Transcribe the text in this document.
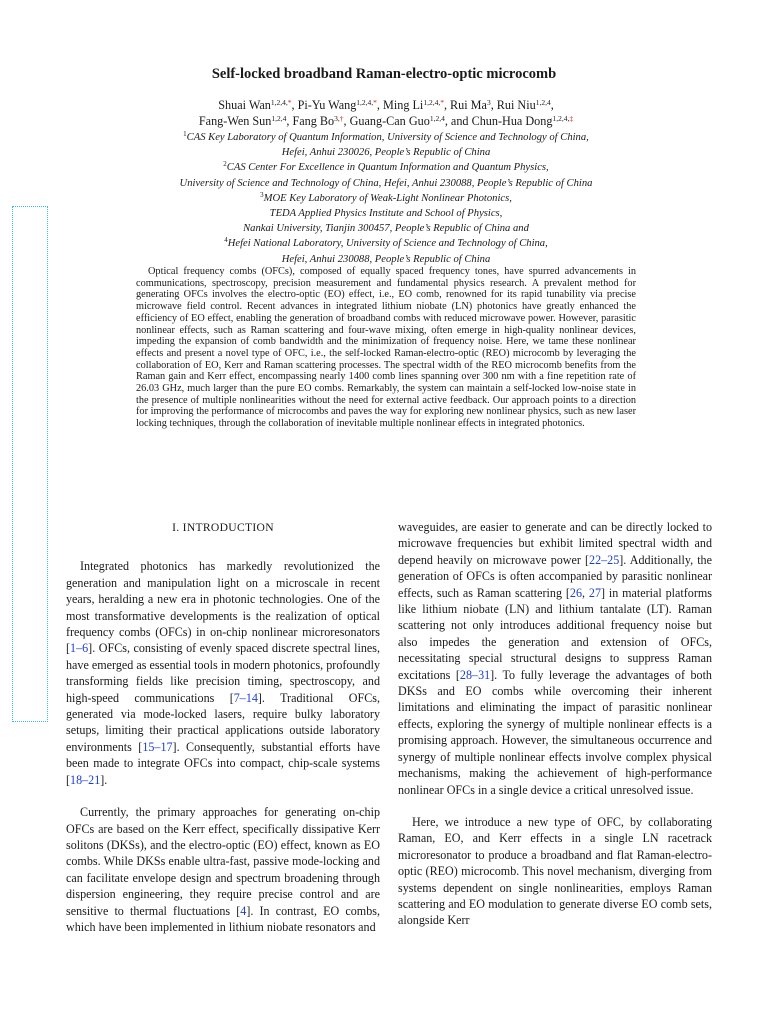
Self-locked broadband Raman-electro-optic microcomb
Shuai Wan$^{1,2,4,*}$, Pi-Yu Wang$^{1,2,4,*}$, Ming $Li^{1,2,4,*}$, Rui Ma$^3$, Rui Niu$^{1,2,4}$,
Fang-Wen Sun$^{1,2,4}$, Fang $Bo^{3,\dagger}$, Guang-Can Guo$^{1,2,4}$, and Chun-Hua Dong$^{1,2,4,\ddagger}$
$^1$CAS Key Laboratory of Quantum Information, University of Science and Technology of China,
Hefei, Anhui 230026, People’s Republic of China
$^2$CAS Center For Excellence in Quantum Information and Quantum Physics,
University of Science and Technology of China, Hefei, Anhui 230088, People’s Republic of China
$^3$MOE Key Laboratory of Weak-Light Nonlinear Photonics,
TEDA Applied Physics Institute and School of Physics,
Nankai University, Tianjin 300457, People’s Republic of China and
$^4$Hefei National Laboratory, University of Science and Technology of China,
Hefei, Anhui 230088, People’s Republic of China
Optical frequency combs (OFCs), composed of equally spaced frequency tones, have spurred advancements in communications, spectroscopy, precision measurement and fundamental physics research. A prevalent method for generating OFCs involves the electro-optic (EO) effect, i.e., EO comb, renowned for its rapid tunability via precise microwave field control. Recent advances in integrated lithium niobate (LN) photonics have greatly enhanced the efficiency of EO effect, enabling the generation of broadband combs with reduced microwave power. However, parasitic nonlinear effects, such as Raman scattering and four-wave mixing, often emerge in high-quality nonlinear devices, impeding the expansion of comb bandwidth and the minimization of frequency noise. Here, we tame these nonlinear effects and present a novel type of OFC, i.e., the self-locked Raman-electro-optic (REO) microcomb by leveraging the collaboration of EO, Kerr and Raman scattering processes. The spectral width of the REO microcomb benefits from the Raman gain and Kerr effect, encompassing nearly 1400 comb lines spanning over 300 nm with a fine repetition rate of 26.03 GHz, much larger than the pure EO combs. Remarkably, the system can maintain a self-locked low-noise state in the presence of multiple nonlinearities without the need for external active feedback. Our approach points to a direction for improving the performance of microcombs and paves the way for exploring new nonlinear physics, such as new laser locking techniques, through the collaboration of inevitable multiple nonlinear effects in integrated photonics.
I. INTRODUCTION

Integrated photonics has markedly revolutionized the generation and manipulation light on a microscale in recent years, heralding a new era in photonic technologies. One of the most transformative developments is the realization of optical frequency combs (OFCs) in on-chip nonlinear microresonators [1–6]. OFCs, consisting of evenly spaced discrete spectral lines, have emerged as essential tools in modern photonics, profoundly transforming fields like precision timing, spectroscopy, and high-speed communications [7–14]. Traditional OFCs, generated via mode-locked lasers, require bulky laboratory setups, limiting their practical applications outside laboratory environments [15–17]. Consequently, substantial efforts have been made to integrate OFCs into compact, chip-scale systems [18–21].

Currently, the primary approaches for generating on-chip OFCs are based on the Kerr effect, specifically dissipative Kerr solitons (DKSs), and the electro-optic (EO) effect, known as EO combs. While DKSs enable ultra-fast, passive mode-locking and can facilitate envelope design and spectrum broadening through dispersion engineering, they require precise control and are sensitive to thermal fluctuations [4]. In contrast, EO combs, which have been implemented in lithium niobate resonators and

waveguides, are easier to generate and can be directly locked to microwave frequencies but exhibit limited spectral width and depend heavily on microwave power [22–25]. Additionally, the generation of OFCs is often accompanied by parasitic nonlinear effects, such as Raman scattering [26, 27] in material platforms like lithium niobate (LN) and lithium tantalate (LT). Raman scattering not only introduces additional frequency noise but also impedes the generation and extension of OFCs, necessitating special structural designs to suppress Raman excitations [28–31]. To fully leverage the advantages of both DKSs and EO combs while overcoming their inherent limitations and eliminating the impact of parasitic nonlinear effects, exploring the synergy of multiple nonlinear effects is a promising approach. However, the simultaneous occurrence and synergy of multiple nonlinear effects involve complex physical mechanisms, making the achievement of high-performance nonlinear OFCs in a single device a critical unresolved issue.

Here, we introduce a new type of OFC, by collaborating Raman, EO, and Kerr effects in a single LN racetrack microresonator to produce a broadband and flat Raman-electro-optic (REO) microcomb. This novel mechanism, diverging from systems dependent on single nonlinearities, employs Raman scattering and EO modulation to generate diverse EO comb sets, alongside Kerr
